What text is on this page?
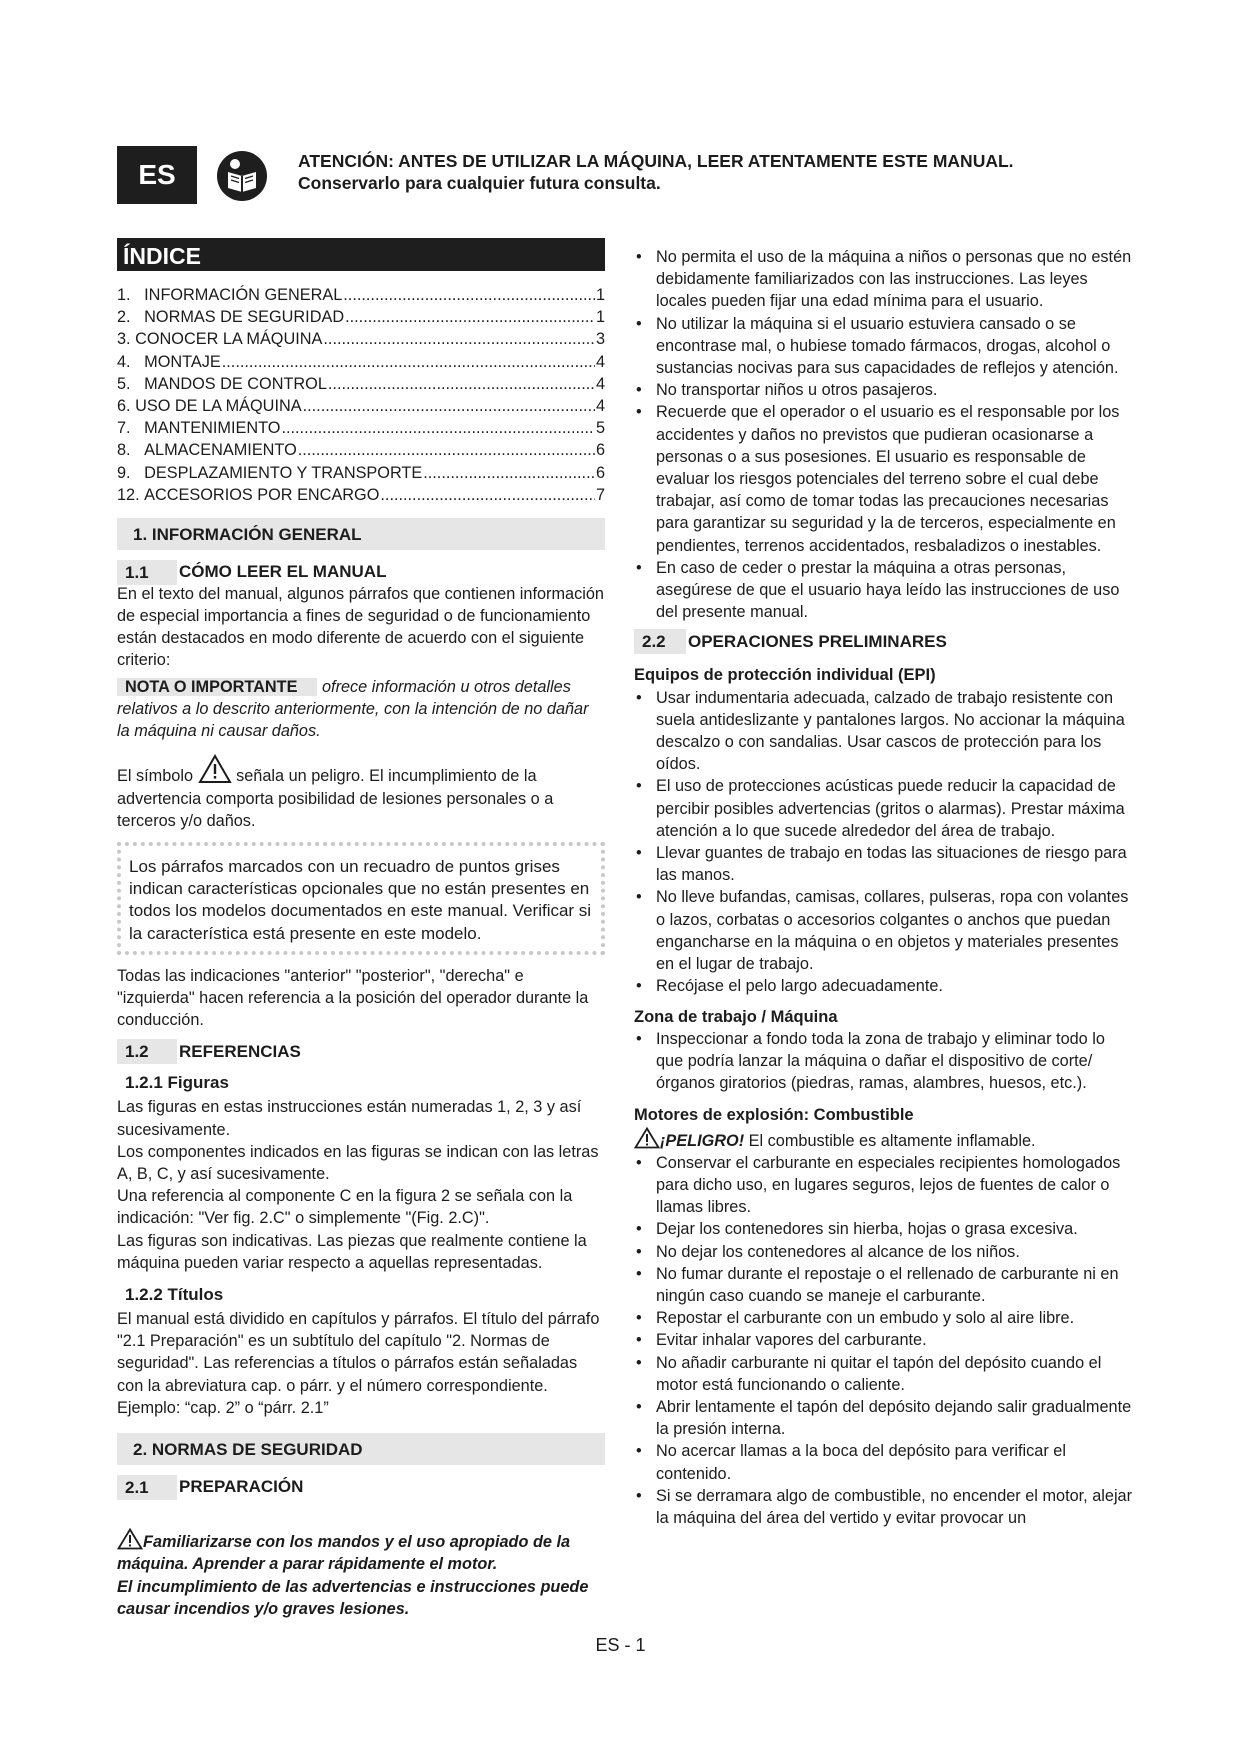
ES	ATENCIÓN: ANTES DE UTILIZAR LA MÁQUINA, LEER ATENTAMENTE ESTE MANUAL.
Conservarlo para cualquier futura consulta.
ÍNDICE
1. INFORMACIÓN GENERAL .....	1
2. NORMAS DE SEGURIDAD .....	1
3. CONOCER LA MÁQUINA .....	3
4. MONTAJE .....	4
5. MANDOS DE CONTROL .....	4
6. USO DE LA MÁQUINA .....	4
7. MANTENIMIENTO .....	5
8. ALMACENAMIENTO .....	6
9. DESPLAZAMIENTO Y TRANSPORTE .....	6
12. ACCESORIOS POR ENCARGO .....	7
1. INFORMACIÓN GENERAL
1.1	CÓMO LEER EL MANUAL

En el texto del manual, algunos párrafos que contienen información de especial importancia a fines de seguridad o de funcionamiento están destacados en modo diferente de acuerdo con el siguiente criterio:

NOTA O IMPORTANTE ofrece información u otros detalles relativos a lo descrito anteriormente, con la intención de no dañar la máquina ni causar daños.

El símbolo	señala un peligro. El incumplimiento de la advertencia comporta posibilidad de lesiones personales o a terceros y/o daños.

Los párrafos marcados con un recuadro de puntos grises indican características opcionales que no están presentes en todos los modelos documentados en este manual. Verificar si la característica está presente en este modelo.

Todas las indicaciones "anterior" "posterior", "derecha" e "izquierda" hacen referencia a la posición del operador durante la conducción.

1.2	REFERENCIAS
1.2.1 Figuras

Las figuras en estas instrucciones están numeradas 1, 2, 3 y así sucesivamente.
Los componentes indicados en las figuras se indican con las letras A, B, C, y así sucesivamente.
Una referencia al componente C en la figura 2 se señala con la indicación: "Ver fig. 2.C" o simplemente "(Fig. 2.C)".
Las figuras son indicativas. Las piezas que realmente contiene la máquina pueden variar respecto a aquellas representadas.

1.2.2 Títulos

El manual está dividido en capítulos y párrafos. El título del párrafo "2.1 Preparación" es un subtítulo del capítulo "2. Normas de seguridad". Las referencias a títulos o párrafos están señaladas con la abreviatura cap. o párr. y el número correspondiente. Ejemplo: “cap. 2” o “párr. 2.1”

2. NORMAS DE SEGURIDAD
2.1	PREPARACIÓN

Familiarizarse con los mandos y el uso apropiado de la máquina. Aprender a parar rápidamente el motor.
El incumplimiento de las advertencias e instrucciones puede causar incendios y/o graves lesiones.

• No permita el uso de la máquina a niños o personas que no estén debidamente familiarizados con las instrucciones. Las leyes locales pueden fijar una edad mínima para el usuario.
• No utilizar la máquina si el usuario estuviera cansado o se encontrase mal, o hubiese tomado fármacos, drogas, alcohol o sustancias nocivas para sus capacidades de reflejos y atención.
• No transportar niños u otros pasajeros.
• Recuerde que el operador o el usuario es el responsable por los accidentes y daños no previstos que pudieran ocasionarse a personas o a sus posesiones. El usuario es responsable de evaluar los riesgos potenciales del terreno sobre el cual debe trabajar, así como de tomar todas las precauciones necesarias para garantizar su seguridad y la de terceros, especialmente en pendientes, terrenos accidentados, resbaladizos o inestables.
• En caso de ceder o prestar la máquina a otras personas, asegúrese de que el usuario haya leído las instrucciones de uso del presente manual.
2.2	OPERACIONES PRELIMINARES
Equipos de protección individual (EPI)
• Usar indumentaria adecuada, calzado de trabajo resistente con suela antideslizante y pantalones largos. No accionar la máquina descalzo o con sandalias. Usar cascos de protección para los oídos.
• El uso de protecciones acústicas puede reducir la capacidad de percibir posibles advertencias (gritos o alarmas). Prestar máxima atención a lo que sucede alrededor del área de trabajo.
• Llevar guantes de trabajo en todas las situaciones de riesgo para las manos.
• No lleve bufandas, camisas, collares, pulseras, ropa con volantes o lazos, corbatas o accesorios colgantes o anchos que puedan engancharse en la máquina o en objetos y materiales presentes en el lugar de trabajo.
• Recójase el pelo largo adecuadamente.
Zona de trabajo / Máquina
• Inspeccionar a fondo toda la zona de trabajo y eliminar todo lo que podría lanzar la máquina o dañar el dispositivo de corte/órganos giratorios (piedras, ramas, alambres, huesos, etc.).
Motores de explosión: Combustible

¡PELIGRO! El combustible es altamente inflamable.

• Conservar el carburante en especiales recipientes homologados para dicho uso, en lugares seguros, lejos de fuentes de calor o llamas libres.
• Dejar los contenedores sin hierba, hojas o grasa excesiva.
• No dejar los contenedores al alcance de los niños.
• No fumar durante el repostaje o el rellenado de carburante ni en ningún caso cuando se maneje el carburante.
• Repostar el carburante con un embudo y solo al aire libre.
• Evitar inhalar vapores del carburante.
• No añadir carburante ni quitar el tapón del depósito cuando el motor está funcionando o caliente.
• Abrir lentamente el tapón del depósito dejando salir gradualmente la presión interna.
• No acercar llamas a la boca del depósito para verificar el contenido.
• Si se derramara algo de combustible, no encender el motor, alejar la máquina del área del vertido y evitar provocar un
ES - 1
